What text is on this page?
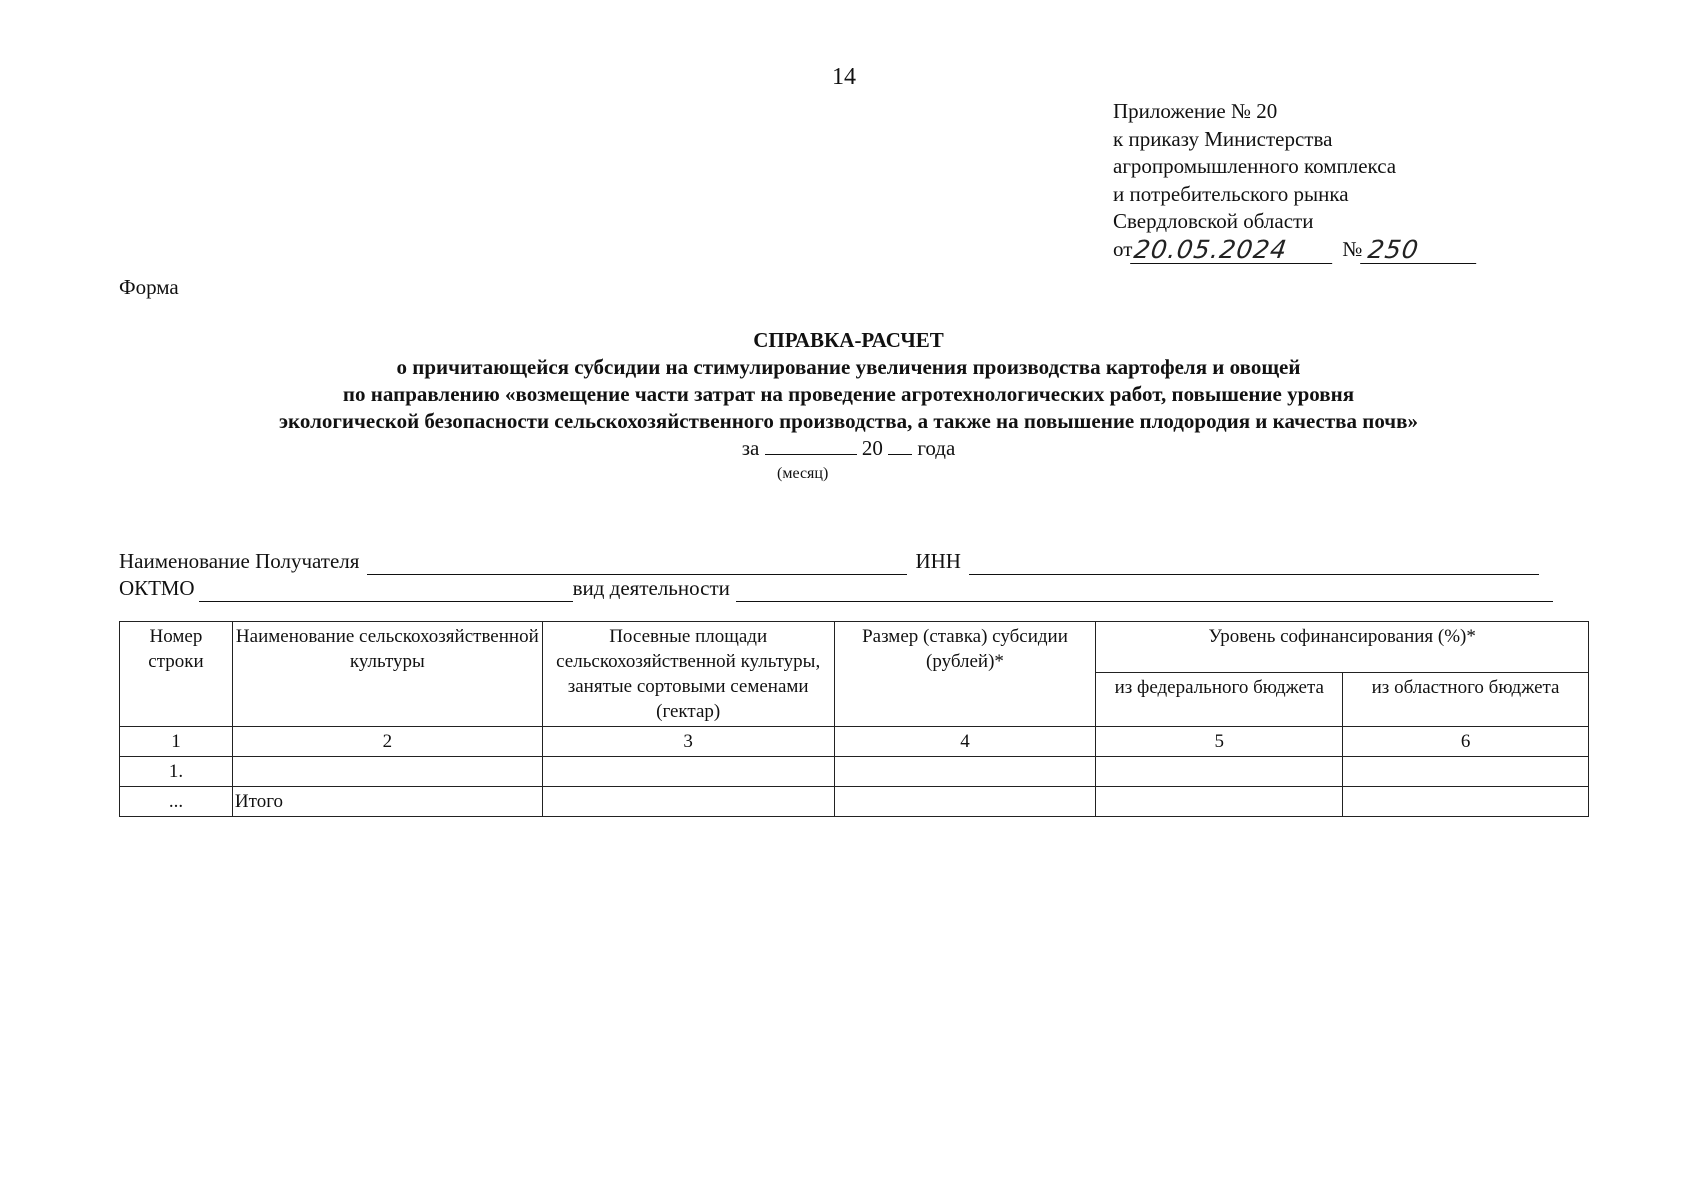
14
Приложение № 20
к приказу Министерства
агропромышленного комплекса
и потребительского рынка
Свердловской области
от 20.05.2024	№ 250
Форма
СПРАВКА-РАСЧЕТ
о причитающейся субсидии на стимулирование увеличения производства картофеля и овощей
по направлению «возмещение части затрат на проведение агротехнологических работ, повышение уровня
экологической безопасности сельскохозяйственного производства, а также на повышение плодородия и качества почв»
за	20 года
(месяц)
Наименование Получателя	ИНН
ОКТМО	вид деятельности
Номер строки	Наименование сельскохозяйственной культуры	Посевные площади сельскохозяйственной культуры, занятые сортовыми семенами (гектар)	Размер (ставка) субсидии (рублей)*	Уровень софинансирования (%)*	
				из федерального бюджета	из областного бюджета
1	2	3	4	5	6
1.					
...	Итого				
